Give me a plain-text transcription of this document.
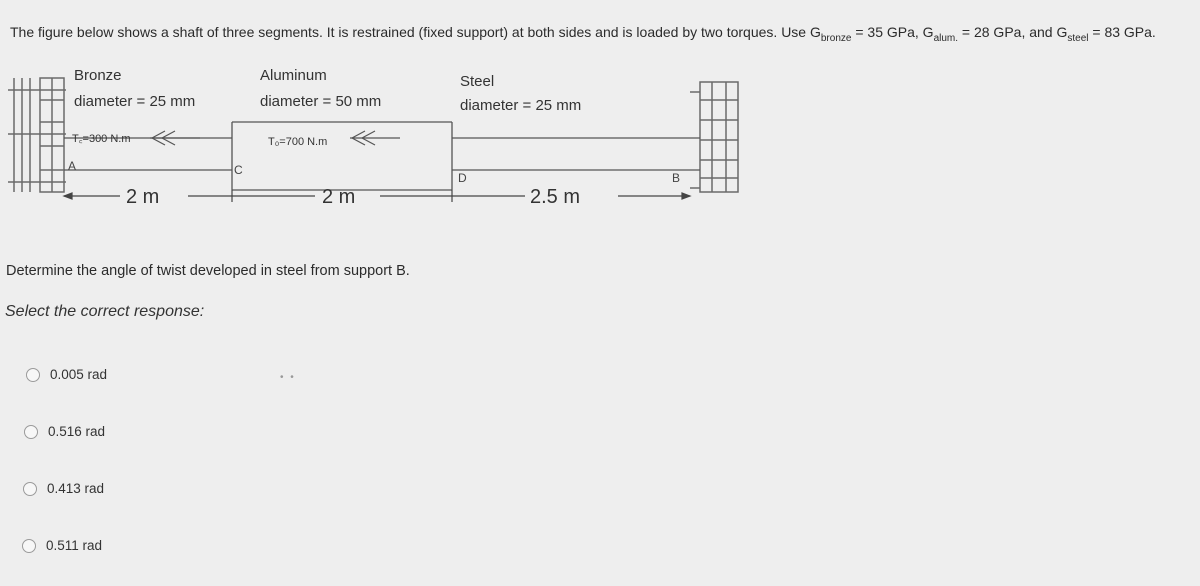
The figure below shows a shaft of three segments. It is restrained (fixed support) at both sides and is loaded by two torques. Use $G_{bronze} = 35$ GPa, $G_{alum.} = 28$ GPa, and $G_{steel} = 83$ GPa.
Bronze
diameter = 25 mm
Aluminum
diameter = 50 mm
Steel
diameter = 25 mm
T꜀=300 N.m	T₀=700 N.m
A	C
D	B
2 m	2 m	2.5 m
Determine the angle of twist developed in steel from support B.
Select the correct response:
• •
0.005 rad
0.516 rad
0.413 rad
0.511 rad
